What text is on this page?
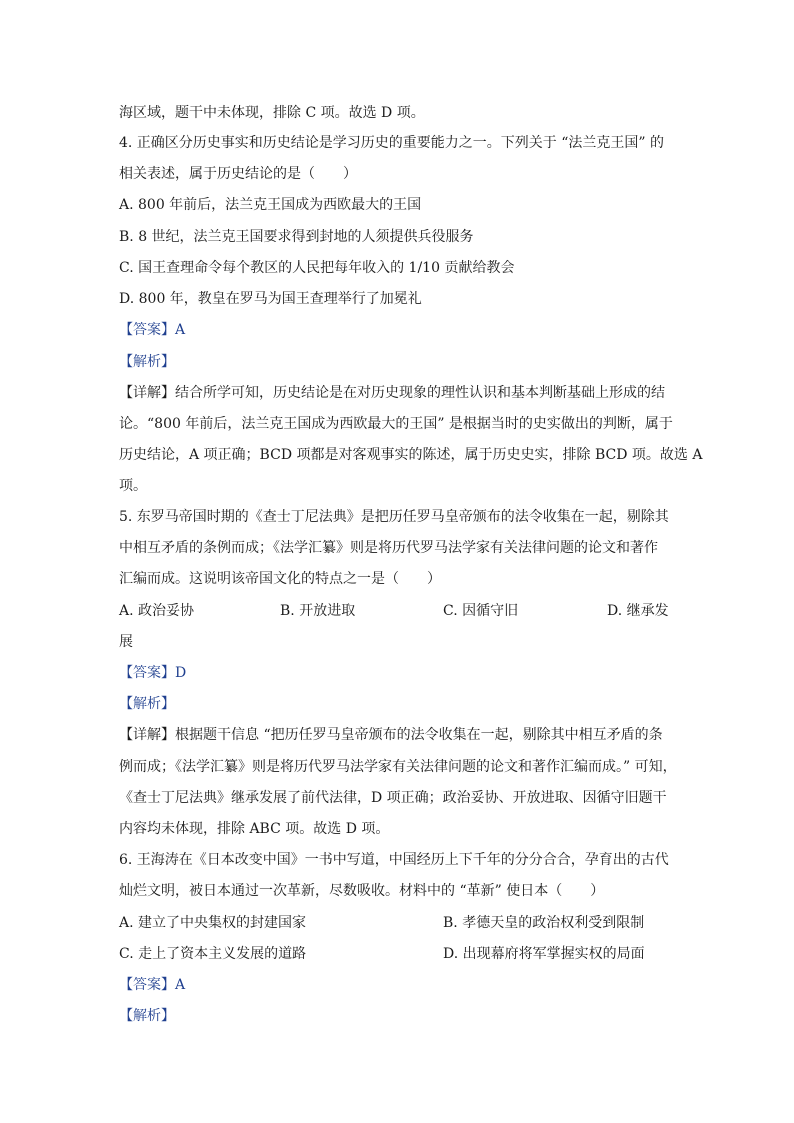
海区域，题干中未体现，排除 C 项。故选 D 项。
4. 正确区分历史事实和历史结论是学习历史的重要能力之一。下列关于 “法兰克王国” 的
相关表述，属于历史结论的是（　　）
A. 800 年前后，法兰克王国成为西欧最大的王国
B. 8 世纪，法兰克王国要求得到封地的人须提供兵役服务
C. 国王查理命令每个教区的人民把每年收入的 1/10 贡献给教会
D. 800 年，教皇在罗马为国王查理举行了加冕礼
【答案】A
【解析】
【详解】结合所学可知，历史结论是在对历史现象的理性认识和基本判断基础上形成的结
论。“800 年前后，法兰克王国成为西欧最大的王国” 是根据当时的史实做出的判断，属于
历史结论，A 项正确；BCD 项都是对客观事实的陈述，属于历史史实，排除 BCD 项。故选 A
项。
5. 东罗马帝国时期的《查士丁尼法典》是把历任罗马皇帝颁布的法令收集在一起，剔除其
中相互矛盾的条例而成；《法学汇纂》则是将历代罗马法学家有关法律问题的论文和著作
汇编而成。这说明该帝国文化的特点之一是（　　）
A. 政治妥协	B. 开放进取	C. 因循守旧	D. 继承发
展
【答案】D
【解析】
【详解】根据题干信息 “把历任罗马皇帝颁布的法令收集在一起，剔除其中相互矛盾的条
例而成；《法学汇纂》则是将历代罗马法学家有关法律问题的论文和著作汇编而成。” 可知，
《查士丁尼法典》继承发展了前代法律，D 项正确；政治妥协、开放进取、因循守旧题干
内容均未体现，排除 ABC 项。故选 D 项。
6. 王海涛在《日本改变中国》一书中写道，中国经历上下千年的分分合合，孕育出的古代
灿烂文明，被日本通过一次革新，尽数吸收。材料中的 “革新” 使日本（　　）
A. 建立了中央集权的封建国家	B. 孝德天皇的政治权利受到限制
C. 走上了资本主义发展的道路	D. 出现幕府将军掌握实权的局面
【答案】A
【解析】
